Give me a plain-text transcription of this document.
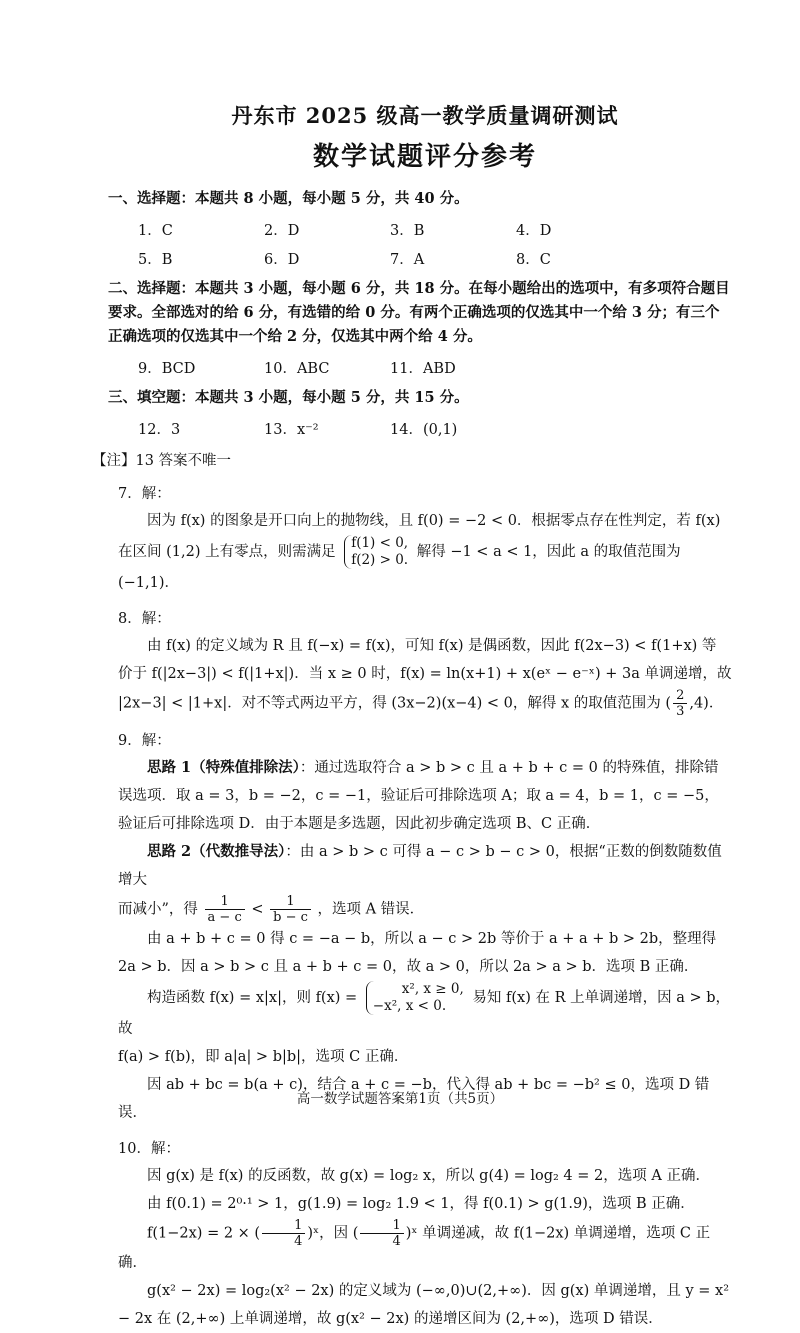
丹东市 2025 级高一教学质量调研测试
数学试题评分参考
一、选择题：本题共 8 小题，每小题 5 分，共 40 分。
1．C	2．D	3．B	4．D
5．B	6．D	7．A	8．C
二、选择题：本题共 3 小题，每小题 6 分，共 18 分。在每小题给出的选项中，有多项符合题目要求。全部选对的给 6 分，有选错的给 0 分。有两个正确选项的仅选其中一个给 3 分；有三个正确选项的仅选其中一个给 2 分，仅选其中两个给 4 分。
9．BCD	10．ABC	11．ABD
三、填空题：本题共 3 小题，每小题 5 分，共 15 分。
12．3	13．x⁻²	14．(0,1)
【注】13 答案不唯一
7．解：

因为 f(x) 的图象是开口向上的抛物线，且 f(0) = −2 < 0．根据零点存在性判定，若 f(x)

在区间 (1,2) 上有零点，则需满足 f(1) < 0,
f(2) > 0. 解得 −1 < a < 1，因此 a 的取值范围为 (−1,1)．

8．解：

由 f(x) 的定义域为 R 且 f(−x) = f(x)，可知 f(x) 是偶函数，因此 f(2x−3) < f(1+x) 等

价于 f(|2x−3|) < f(|1+x|)．当 x ≥ 0 时，f(x) = ln(x+1) + x(eˣ − e⁻ˣ) + 3a 单调递增，故

|2x−3| < |1+x|．对不等式两边平方，得 (3x−2)(x−4) < 0，解得 x 的取值范围为 ( $\frac{2}{3} ,4$)．

9．解：

思路 1（特殊值排除法）：通过选取符合 a > b > c 且 a + b + c = 0 的特殊值，排除错误选项．取 a = 3，b = −2，c = −1，验证后可排除选项 A；取 a = 4，b = 1，c = −5，验证后可排除选项 D．由于本题是多选题，因此初步确定选项 B、C 正确．

思路 2（代数推导法）：由 a > b > c 可得 a − c > b − c > 0，根据“正数的倒数随数值增大

而减小”，得 $\frac{1}{a - c} < \frac{1}{b - c}$ ，选项 A 错误．

由 a + b + c = 0 得 c = −a − b，所以 a − c > 2b 等价于 a + a + b > 2b，整理得 2a > b．因 a > b > c 且 a + b + c = 0，故 a > 0，所以 2a > a > b．选项 B 正确．

构造函数 f(x) = x|x|，则 f(x) = x², x ≥ 0,
−x², x < 0. 易知 f(x) 在 R 上单调递增，因 a > b，故

f(a) > f(b)，即 a|a| > b|b|，选项 C 正确．

因 ab + bc = b(a + c)，结合 a + c = −b，代入得 ab + bc = −b² ≤ 0，选项 D 错误．

10．解：

因 g(x) 是 f(x) 的反函数，故 g(x) = log₂ x，所以 g(4) = log₂ 4 = 2，选项 A 正确．

由 f(0.1) = 2⁰·¹ > 1，g(1.9) = log₂ 1.9 < 1，得 f(0.1) > g(1.9)，选项 B 正确．

f(1−2x) = 2 × ( $\frac{1}{4}$ )ˣ，因 ( $\frac{1}{4}$ )ˣ 单调递减，故 f(1−2x) 单调递增，选项 C 正确．

g(x² − 2x) = log₂(x² − 2x) 的定义域为 (−∞,0)∪(2,+∞)．因 g(x) 单调递增，且 y = x² − 2x 在 (2,+∞) 上单调递增，故 g(x² − 2x) 的递增区间为 (2,+∞)，选项 D 错误．

高一数学试题答案第1页（共5页）
